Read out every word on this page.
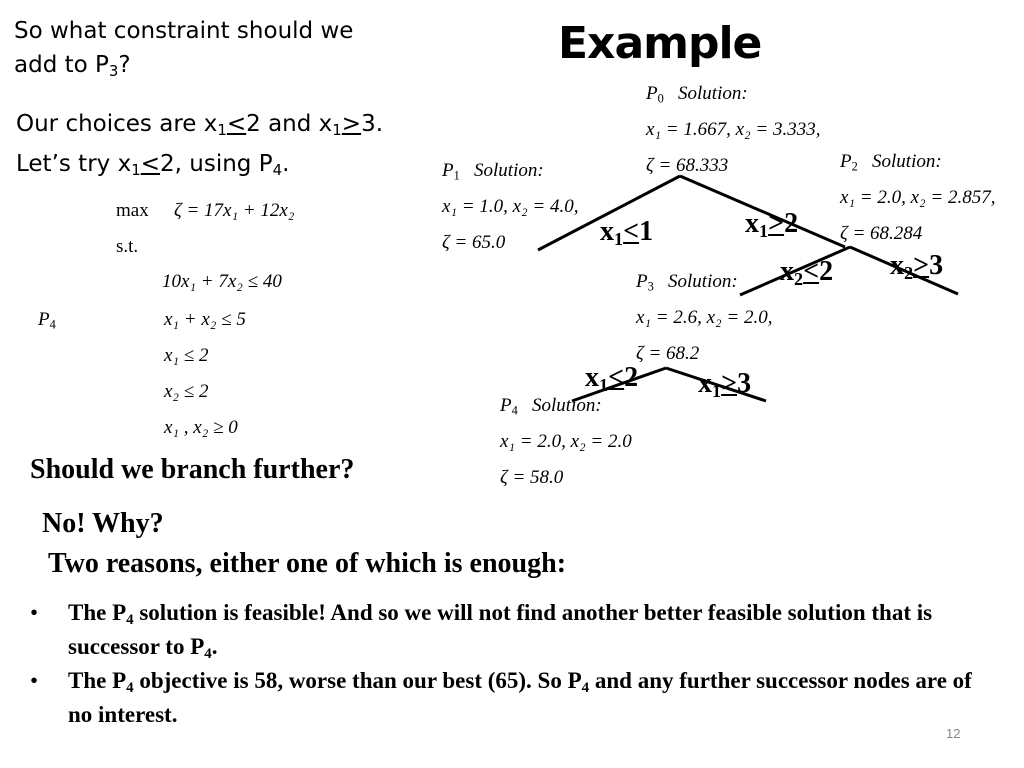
Example
So what constraint should we
add to $P_3$?
Our choices are $x_1<2$ and $x_1>3$.
Let’s try $x_1<2$, using $P_4$.
max ζ = 17x₁ + 12x₂
s.t.
$P_4$
10x₁ + 7x₂ ≤ 40
x₁ + x₂ ≤ 5
x₁ ≤ 2
x₂ ≤ 2
x₁ , x₂ ≥ 0
$P_0$ Solution:
x₁ = 1.667, x₂ = 3.333,
ζ = 68.333
$P_1$ Solution:
x₁ = 1.0, x₂ = 4.0,
ζ = 65.0
$P_2$ Solution:
x₁ = 2.0, x₂ = 2.857,
ζ = 68.284
$P_3$ Solution:
x₁ = 2.6, x₂ = 2.0,
ζ = 68.2
$P_4$ Solution:
x₁ = 2.0, x₂ = 2.0
ζ = 58.0
$x_1<1$	$x_1>2$
$x_2<2$ $x_2>3$
$x_1<2$ $x_1>3$
Should we branch further?
No! Why?
Two reasons, either one of which is enough:
• The $P_4$ solution is feasible! And so we will not find another better feasible solution that is successor to $P_4$.
• The $P_4$ objective is 58, worse than our best (65). So $P_4$ and any further successor nodes are of no interest.
12
